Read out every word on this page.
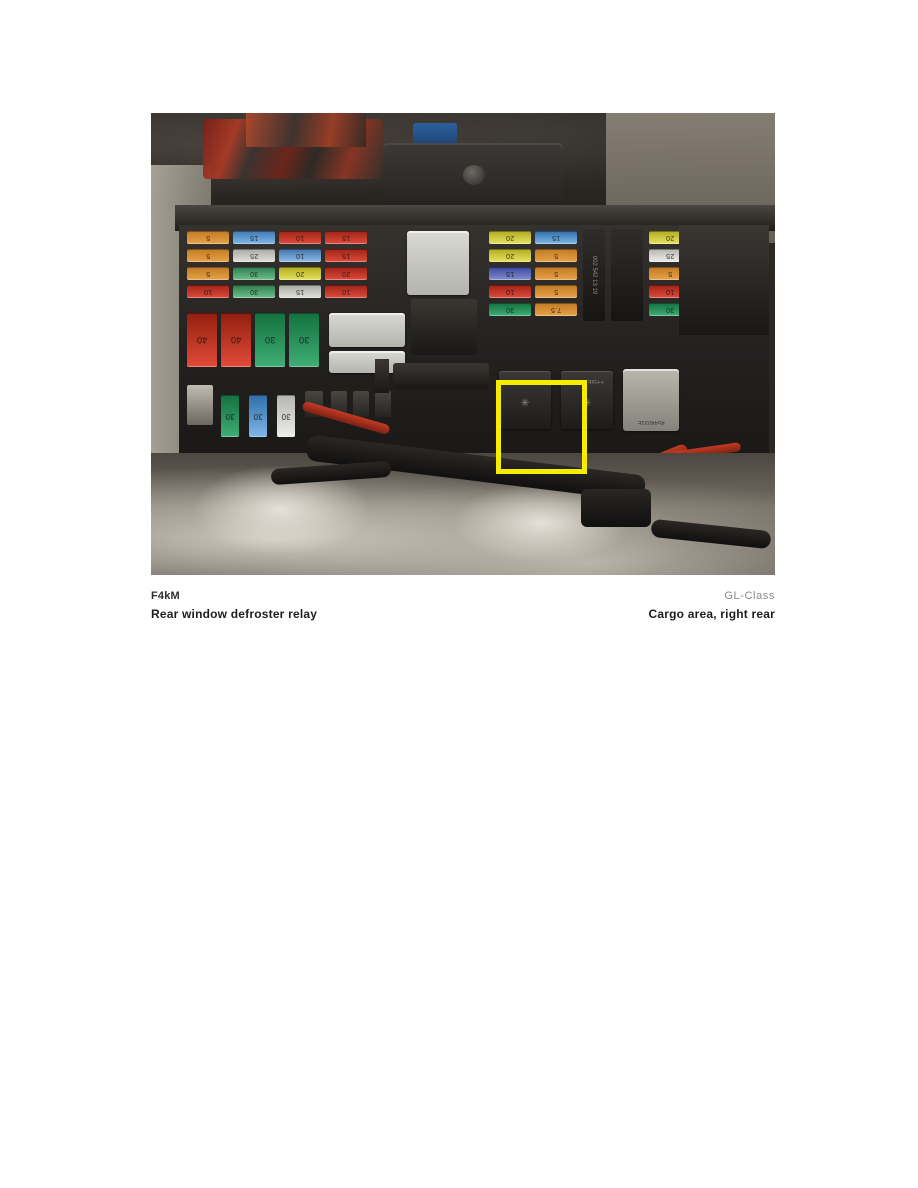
5	15	10	15
5	25	10	15
5	30	20	20
10	30	15	10
40	40	30	30
30	30	30
20	15	20
20	5	25
15	5	5
10	5	10
30	7.5	30
002 542 13 19
++SIEMENS
✳
++SIEMENS
✳
4544031E
F4kM	GL-Class
Rear window defroster relay	Cargo area, right rear
